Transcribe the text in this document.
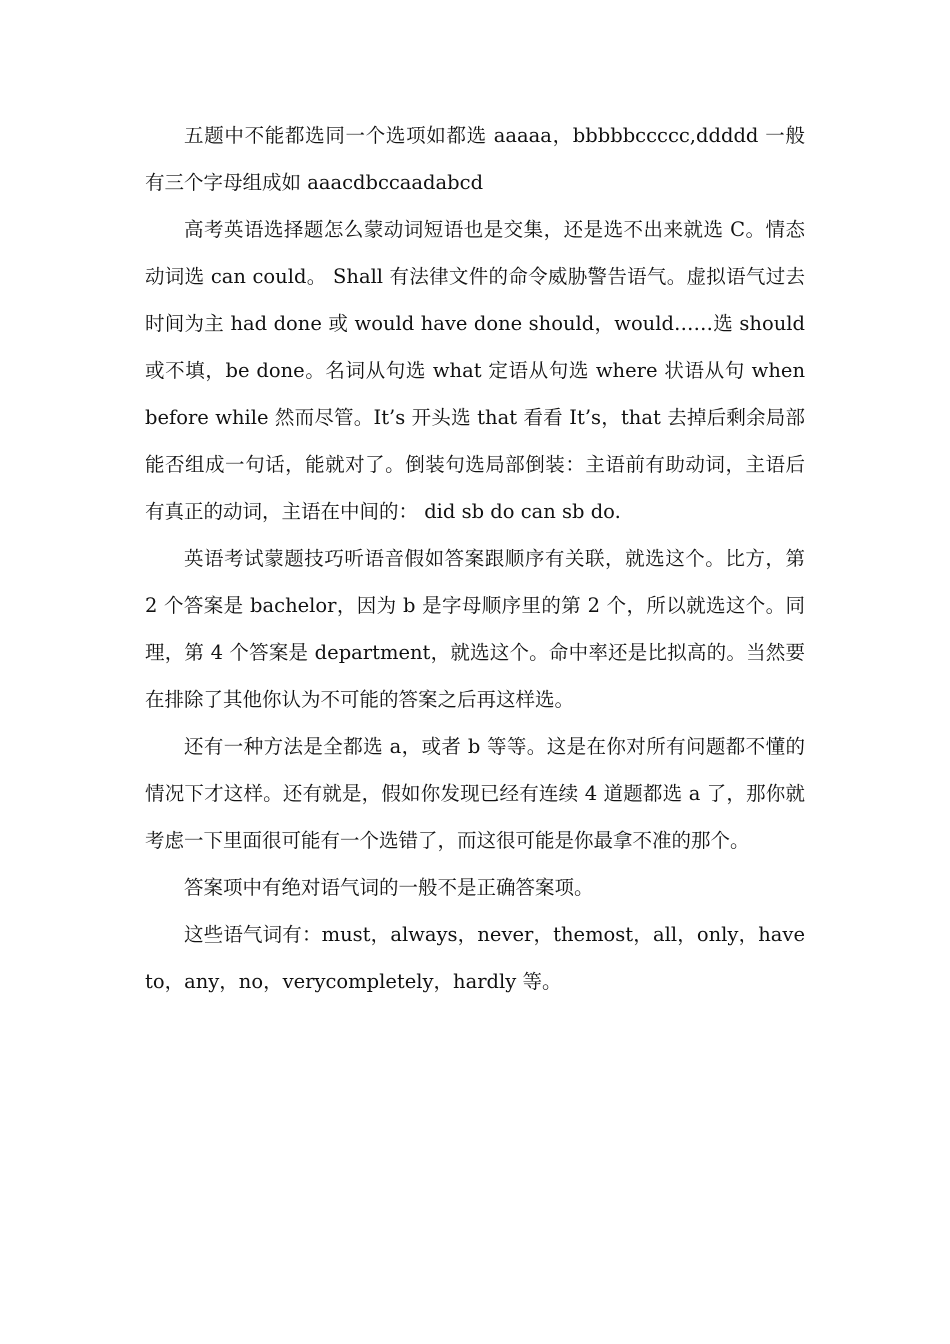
五题中不能都选同一个选项如都选 aaaaa，bbbbbccccc,ddddd 一般有三个字母组成如 aaacdbccaadabcd

高考英语选择题怎么蒙动词短语也是交集，还是选不出来就选 C。情态动词选 can could。 Shall 有法律文件的命令威胁警告语气。虚拟语气过去时间为主 had done 或 would have done should，would……选 should 或不填，be done。名词从句选 what 定语从句选 where 状语从句 when before while 然而尽管。It’s 开头选 that 看看 It’s，that 去掉后剩余局部能否组成一句话，能就对了。倒装句选局部倒装：主语前有助动词，主语后有真正的动词，主语在中间的： did sb do can sb do.

英语考试蒙题技巧听语音假如答案跟顺序有关联，就选这个。比方，第 2 个答案是 bachelor，因为 b 是字母顺序里的第 2 个，所以就选这个。同理，第 4 个答案是 department，就选这个。命中率还是比拟高的。当然要在排除了其他你认为不可能的答案之后再这样选。

还有一种方法是全都选 a，或者 b 等等。这是在你对所有问题都不懂的情况下才这样。还有就是，假如你发现已经有连续 4 道题都选 a 了，那你就考虑一下里面很可能有一个选错了，而这很可能是你最拿不准的那个。

答案项中有绝对语气词的一般不是正确答案项。

这些语气词有：must，always，never，themost，all，only，haveto，any，no，verycompletely，hardly 等。
